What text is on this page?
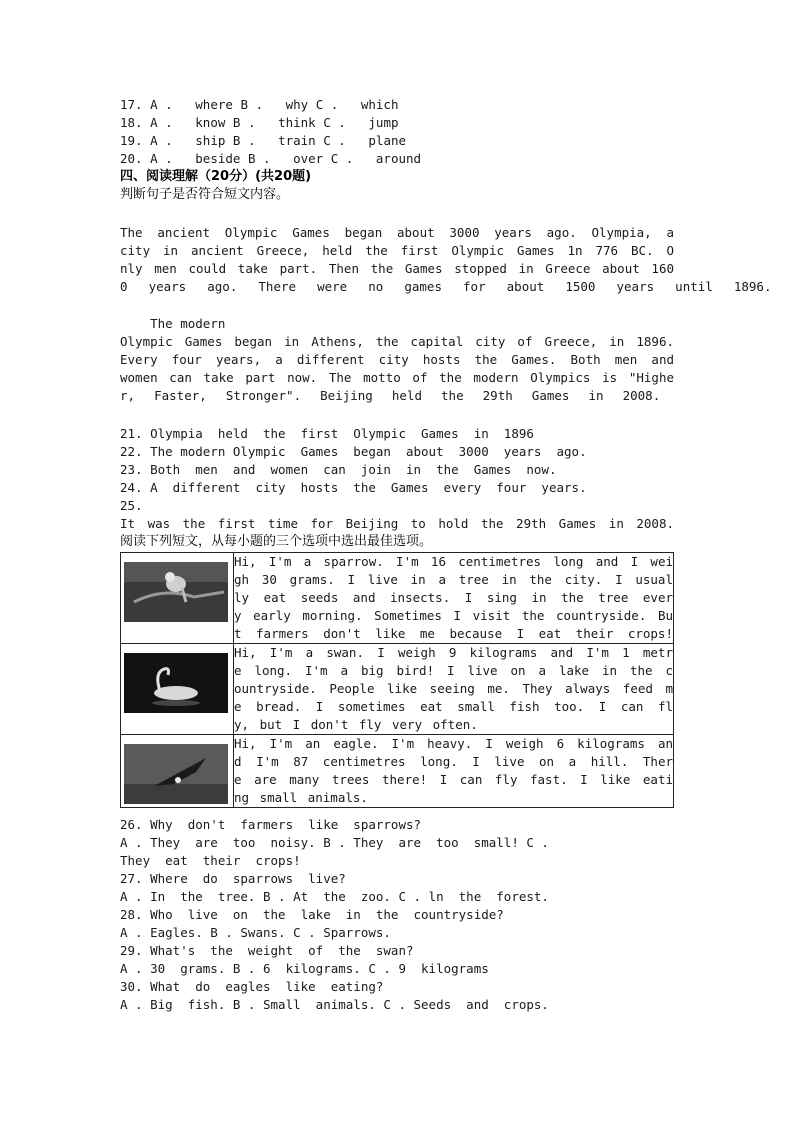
17. A . where B . why C . which
18. A . know B . think C . jump
19. A . ship B . train C . plane
20. A . beside B . over C . around
四、阅读理解（20分）(共20题)
判断句子是否符合短文内容。
The ancient Olympic Games began about 3000 years ago. Olympia, a
city in ancient Greece, held the first Olympic Games 1n 776 BC. O
nly men could take part. Then the Games stopped in Greece about 160
0  years  ago.  There  were  no  games  for  about  1500  years  until  1896.
The modern
Olympic Games began in Athens, the capital city of Greece, in 1896.
Every four years, a different city hosts the Games. Both men and
women can take part now. The motto of the modern Olympics is "Highe
r,  Faster,  Stronger".  Beijing  held  the  29th  Games  in  2008.
21. Olympia  held  the  first  Olympic  Games  in  1896
22. The modern Olympic  Games  began  about  3000  years  ago.
23. Both  men  and  women  can  join  in  the  Games  now.
24. A  different  city  hosts  the  Games  every  four  years.
25.
It was the first time for Beijing to hold the 29th Games in 2008.
阅读下列短文，从每小题的三个选项中选出最佳选项。

Hi, I'm a sparrow. I'm 16 centimetres long and I wei
gh 30 grams. I live in a tree in the city. I usual
ly eat seeds and insects. I sing in the tree ever
y early morning. Sometimes I visit the countryside. Bu
t farmers don't like me because I eat their crops!

Hi, I'm a swan. I weigh 9 kilograms and I'm 1 metr
e long. I'm a big bird! I live on a lake in the c
ountryside. People like seeing me. They always feed m
e bread. I sometimes eat small fish too. I can fl
y, but I don't fly very often.

Hi, I'm an eagle. I'm heavy. I weigh 6 kilograms an
d I'm 87 centimetres long. I live on a hill. Ther
e are many trees there! I can fly fast. I like eati
ng small animals.
26. Why  don't  farmers  like  sparrows?
A . They  are  too  noisy. B . They  are  too  small! C .
They  eat  their  crops!
27. Where  do  sparrows  live?
A . In  the  tree. B . At  the  zoo. C . ln  the  forest.
28. Who  live  on  the  lake  in  the  countryside?
A . Eagles. B . Swans. C . Sparrows.
29. What's  the  weight  of  the  swan?
A . 30  grams. B . 6  kilograms. C . 9  kilograms
30. What  do  eagles  like  eating?
A . Big  fish. B . Small  animals. C . Seeds  and  crops.
